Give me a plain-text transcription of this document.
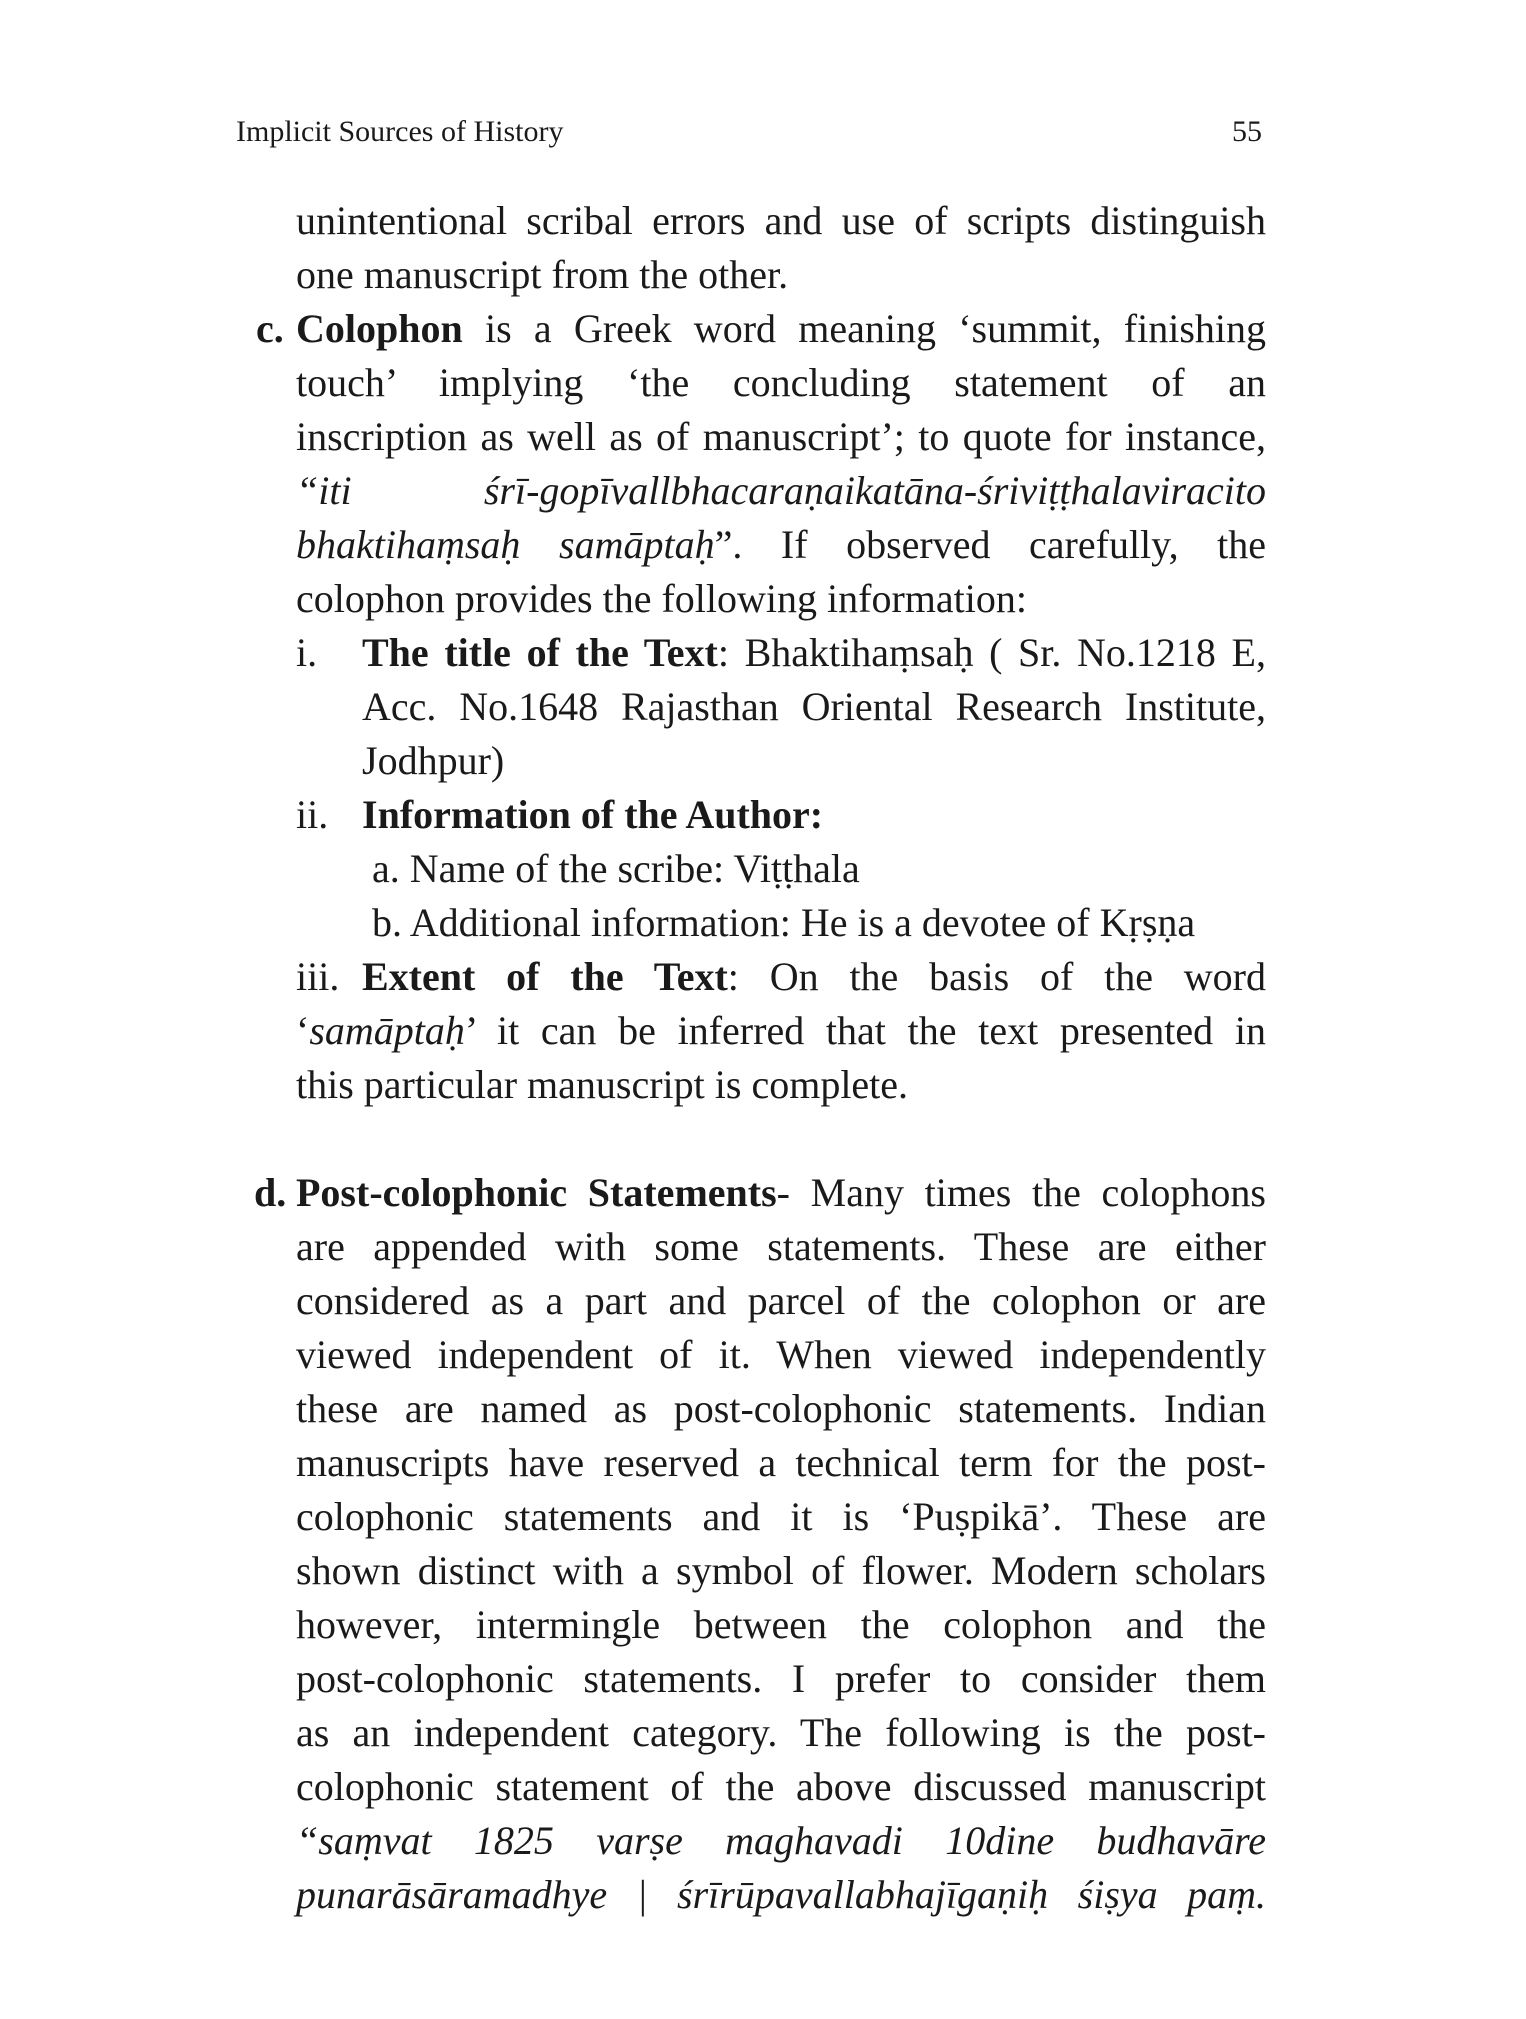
Implicit Sources of History	55
unintentional scribal errors and use of scripts distinguish
one manuscript from the other.
c. Colophon is a Greek word meaning ‘summit, finishing
touch’ implying ‘the concluding statement of an
inscription as well as of manuscript’; to quote for instance,
“iti śrī-gopīvallbhacaraṇaikatāna-śriviṭṭhalaviracito
bhaktihaṃsaḥ samāptaḥ”. If observed carefully, the
colophon provides the following information:
i. The title of the Text: Bhaktihaṃsaḥ ( Sr. No.1218 E,
Acc. No.1648 Rajasthan Oriental Research Institute,
Jodhpur)
ii. Information of the Author:
a. Name of the scribe: Viṭṭhala
b. Additional information: He is a devotee of Kṛṣṇa
iii. Extent of the Text: On the basis of the word
‘samāptaḥ’ it can be inferred that the text presented in
this particular manuscript is complete.
d. Post-colophonic Statements- Many times the colophons
are appended with some statements. These are either
considered as a part and parcel of the colophon or are
viewed independent of it. When viewed independently
these are named as post-colophonic statements. Indian
manuscripts have reserved a technical term for the post-
colophonic statements and it is ‘Puṣpikā’. These are
shown distinct with a symbol of flower. Modern scholars
however, intermingle between the colophon and the
post-colophonic statements. I prefer to consider them
as an independent category. The following is the post-
colophonic statement of the above discussed manuscript
“saṃvat 1825 varṣe maghavadi 10dine budhavāre
punarāsāramadhye | śrīrūpavallabhajīgaṇiḥ śiṣya paṃ.
